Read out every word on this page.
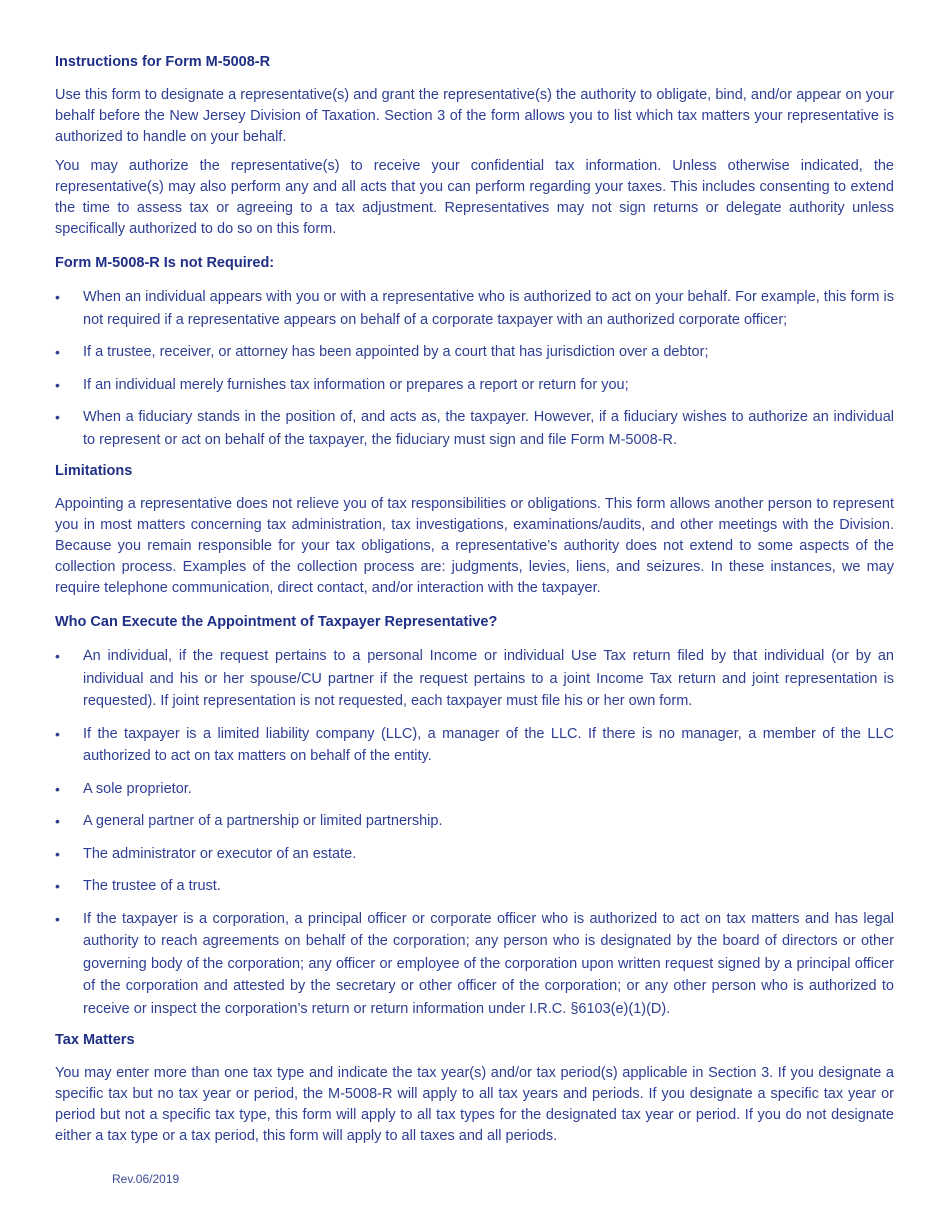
Instructions for Form M-5008-R

Use this form to designate a representative(s) and grant the representative(s) the authority to obligate, bind, and/or appear on your behalf before the New Jersey Division of Taxation. Section 3 of the form allows you to list which tax matters your representative is authorized to handle on your behalf.

You may authorize the representative(s) to receive your confidential tax information. Unless otherwise indicated, the representative(s) may also perform any and all acts that you can perform regarding your taxes. This includes consenting to extend the time to assess tax or agreeing to a tax adjustment. Representatives may not sign returns or delegate authority unless specifically authorized to do so on this form.

Form M-5008-R Is not Required:
• When an individual appears with you or with a representative who is authorized to act on your behalf. For example, this form is not required if a representative appears on behalf of a corporate taxpayer with an authorized corporate officer;
• If a trustee, receiver, or attorney has been appointed by a court that has jurisdiction over a debtor;
• If an individual merely furnishes tax information or prepares a report or return for you;
• When a fiduciary stands in the position of, and acts as, the taxpayer. However, if a fiduciary wishes to authorize an individual to represent or act on behalf of the taxpayer, the fiduciary must sign and file Form M-5008-R.
Limitations

Appointing a representative does not relieve you of tax responsibilities or obligations. This form allows another person to represent you in most matters concerning tax administration, tax investigations, examinations/audits, and other meetings with the Division. Because you remain responsible for your tax obligations, a representative’s authority does not extend to some aspects of the collection process. Examples of the collection process are: judgments, levies, liens, and seizures. In these instances, we may require telephone communication, direct contact, and/or interaction with the taxpayer.

Who Can Execute the Appointment of Taxpayer Representative?
• An individual, if the request pertains to a personal Income or individual Use Tax return filed by that individual (or by an individual and his or her spouse/CU partner if the request pertains to a joint Income Tax return and joint representation is requested). If joint representation is not requested, each taxpayer must file his or her own form.
• If the taxpayer is a limited liability company (LLC), a manager of the LLC. If there is no manager, a member of the LLC authorized to act on tax matters on behalf of the entity.
• A sole proprietor.
• A general partner of a partnership or limited partnership.
• The administrator or executor of an estate.
• The trustee of a trust.
• If the taxpayer is a corporation, a principal officer or corporate officer who is authorized to act on tax matters and has legal authority to reach agreements on behalf of the corporation; any person who is designated by the board of directors or other governing body of the corporation; any officer or employee of the corporation upon written request signed by a principal officer of the corporation and attested by the secretary or other officer of the corporation; or any other person who is authorized to receive or inspect the corporation’s return or return information under I.R.C. §6103(e)(1)(D).
Tax Matters

You may enter more than one tax type and indicate the tax year(s) and/or tax period(s) applicable in Section 3. If you designate a specific tax but no tax year or period, the M-5008-R will apply to all tax years and periods. If you designate a specific tax year or period but not a specific tax type, this form will apply to all tax types for the designated tax year or period. If you do not designate either a tax type or a tax period, this form will apply to all taxes and all periods.

Rev.06/2019
